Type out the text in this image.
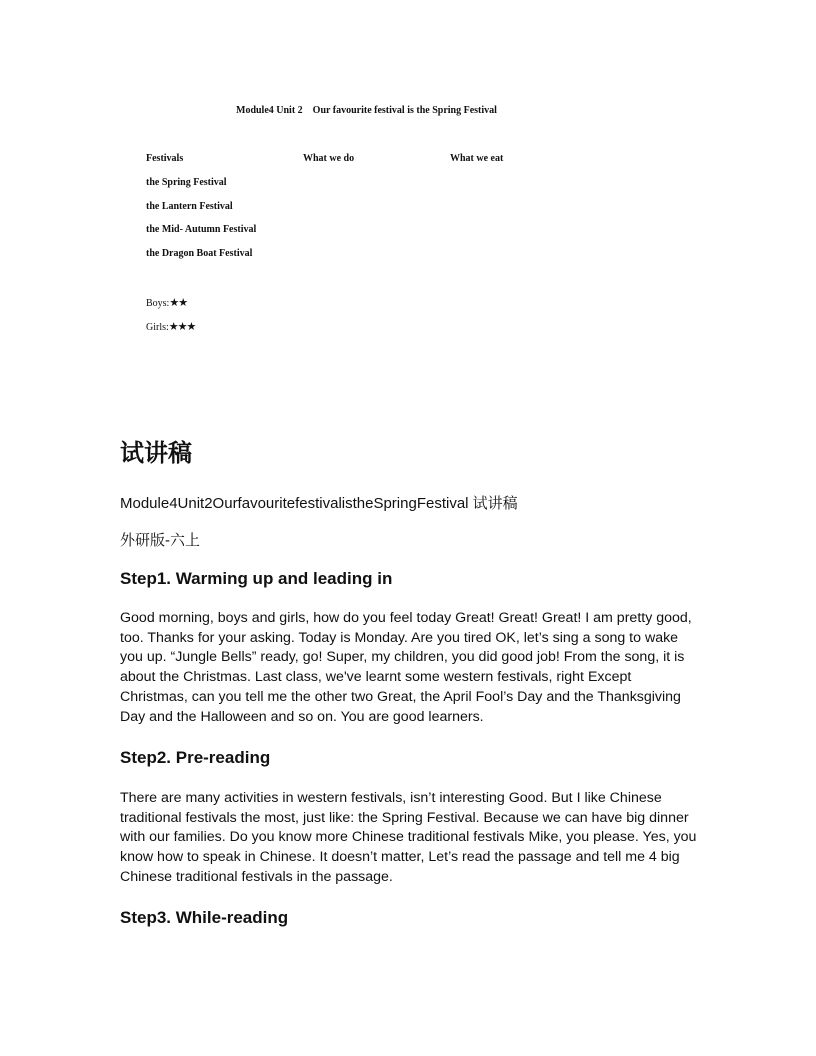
Module4 Unit 2    Our favourite festival is the Spring Festival
Festivals	What we do	What we eat
the Spring Festival
the Lantern Festival
the Mid- Autumn Festival
the Dragon Boat Festival
Boys:★★
Girls:★★★
试讲稿
Module4Unit2OurfavouritefestivalistheSpringFestival 试讲稿
外研版-六上
Step1. Warming up and leading in

Good morning, boys and girls, how do you feel today Great! Great! Great! I am pretty good, too. Thanks for your asking. Today is Monday. Are you tired OK, let’s sing a song to wake you up. “Jungle Bells” ready, go! Super, my children, you did good job! From the song, it is about the Christmas. Last class, we've learnt some western festivals, right Except Christmas, can you tell me the other two Great, the April Fool’s Day and the Thanksgiving Day and the Halloween and so on. You are good learners.

Step2. Pre-reading

There are many activities in western festivals, isn’t interesting Good. But I like Chinese traditional festivals the most, just like: the Spring Festival. Because we can have big dinner with our families. Do you know more Chinese traditional festivals Mike, you please. Yes, you know how to speak in Chinese. It doesn’t matter, Let’s read the passage and tell me 4 big Chinese traditional festivals in the passage.

Step3. While-reading
